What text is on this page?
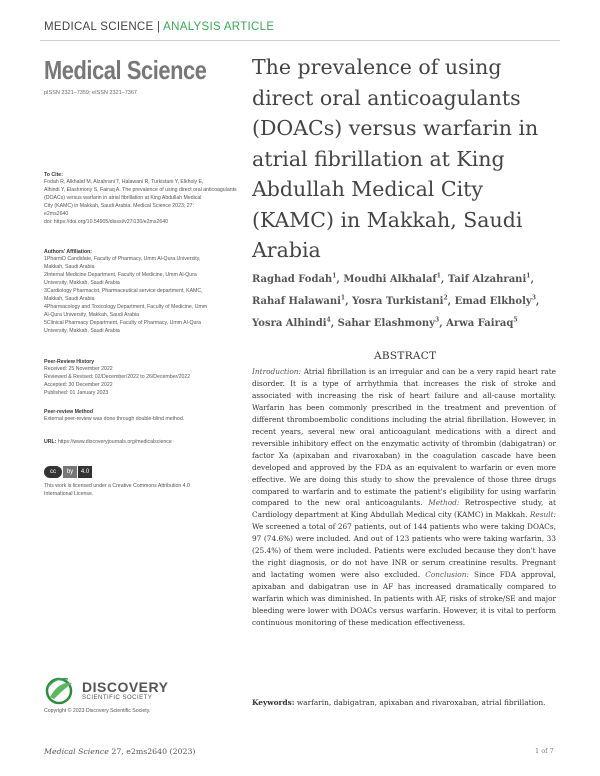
MEDICAL SCIENCE | ANALYSIS ARTICLE
Medical Science
pISSN 2321–7359; eISSN 2321–7367
To Cite:
Fodah R, Alkhalaf M, Alzahrani T, Halawani R, Turkistani Y, Elkholy E,
Alhindi Y, Elashmony S, Fairaq A. The prevalence of using direct oral anticoagulants
(DOACs) versus warfarin in atrial fibrillation at King Abdullah Medical
City (KAMC) in Makkah, Saudi Arabia. Medical Science 2023; 27:
e2ms2640
doi: https://doi.org/10.54905/disssi/v27i130/e2ms2640
Authors' Affiliation:
1PharmD Candidate, Faculty of Pharmacy, Umm Al-Qura University,
Makkah, Saudi Arabia
2Internal Medicine Department, Faculty of Medicine, Umm Al-Qura
University, Makkah, Saudi Arabia
3Cardiology Pharmacist, Pharmaceutical service department, KAMC,
Makkah, Saudi Arabia
4Pharmacology and Toxicology Department, Faculty of Medicine, Umm
Al-Qura University, Makkah, Saudi Arabia
5Clinical Pharmacy Department, Faculty of Pharmacy, Umm Al-Qura
University, Makkah, Saudi Arabia
Peer-Review History
Received: 25 November 2022
Reviewed & Revised: 02/December/2022 to 26/December/2022
Accepted: 30 December 2022
Published: 01 January 2023
Peer-review Method
External peer-review was done through double-blind method.
URL: https://www.discoveryjournals.org/medicalscience
cc	by	4.0
This work is licensed under a Creative Commons Attribution 4.0
International License.
DISCOVERY
SCIENTIFIC SOCIETY
Copyright © 2023 Discovery Scientific Society.
The prevalence of using direct oral anticoagulants (DOACs) versus warfarin in atrial fibrillation at King Abdullah Medical City (KAMC) in Makkah, Saudi Arabia
Raghad Fodah$^1$, Moudhi Alkhalaf$^1$, Taif Alzahrani$^1$, Rahaf Halawani$^1$, Yosra Turkistani$^2$, Emad Elkholy$^3$, Yosra Alhindi$^4$, Sahar Elashmony$^3$, Arwa Fairaq$^5$
ABSTRACT
Introduction: Atrial fibrillation is an irregular and can be a very rapid heart rate disorder. It is a type of arrhythmia that increases the risk of stroke and associated with increasing the risk of heart failure and all-cause mortality. Warfarin has been commonly prescribed in the treatment and prevention of different thromboembolic conditions including the atrial fibrillation. However, in recent years, several new oral anticoagulant medications with a direct and reversible inhibitory effect on the enzymatic activity of thrombin (dabigatran) or factor Xa (apixaban and rivaroxaban) in the coagulation cascade have been developed and approved by the FDA as an equivalent to warfarin or even more effective. We are doing this study to show the prevalence of those three drugs compared to warfarin and to estimate the patient's eligibility for using warfarin compared to the new oral anticoagulants. Method: Retrospective study, at Cardiology department at King Abdullah Medical city (KAMC) in Makkah. Result: We screened a total of 267 patients, out of 144 patients who were taking DOACs, 97 (74.6%) were included. And out of 123 patients who were taking warfarin, 33 (25.4%) of them were included. Patients were excluded because they don't have the right diagnosis, or do not have INR or serum creatinine results. Pregnant and lactating women were also excluded. Conclusion: Since FDA approval, apixaban and dabigatran use in AF has increased dramatically compared to warfarin which was diminished. In patients with AF, risks of stroke/SE and major bleeding were lower with DOACs versus warfarin. However, it is vital to perform continuous monitoring of these medication effectiveness.
Keywords: warfarin, dabigatran, apixaban and rivaroxaban, atrial fibrillation.
Medical Science 27, e2ms2640 (2023)	1 of 7
